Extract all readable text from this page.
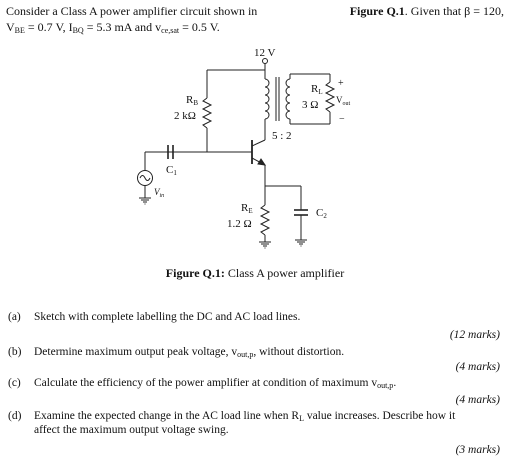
Consider a Class A power amplifier circuit shown in	Figure Q.1. Given that β = 120,
$V_{BE} = 0.7$ V, $I_{BQ} = 5.3$ mA and $v_{ce,sat} = 0.5$ V.
12 V
RB
2 kΩ
RL
3 Ω
+
$V_{out}$
−
5 : 2
C1
$V_{in}$
RE
1.2 Ω
C2
Figure Q.1: Class A power amplifier
(a) Sketch with complete labelling the DC and AC load lines.
(12 marks)
(b) Determine maximum output peak voltage, $v_{out,p}$, without distortion.
(4 marks)
(c) Calculate the efficiency of the power amplifier at condition of maximum $v_{out,p}$.
(4 marks)
(d) Examine the expected change in the AC load line when $R_L$ value increases. Describe how it
affect the maximum output voltage swing.
(3 marks)
